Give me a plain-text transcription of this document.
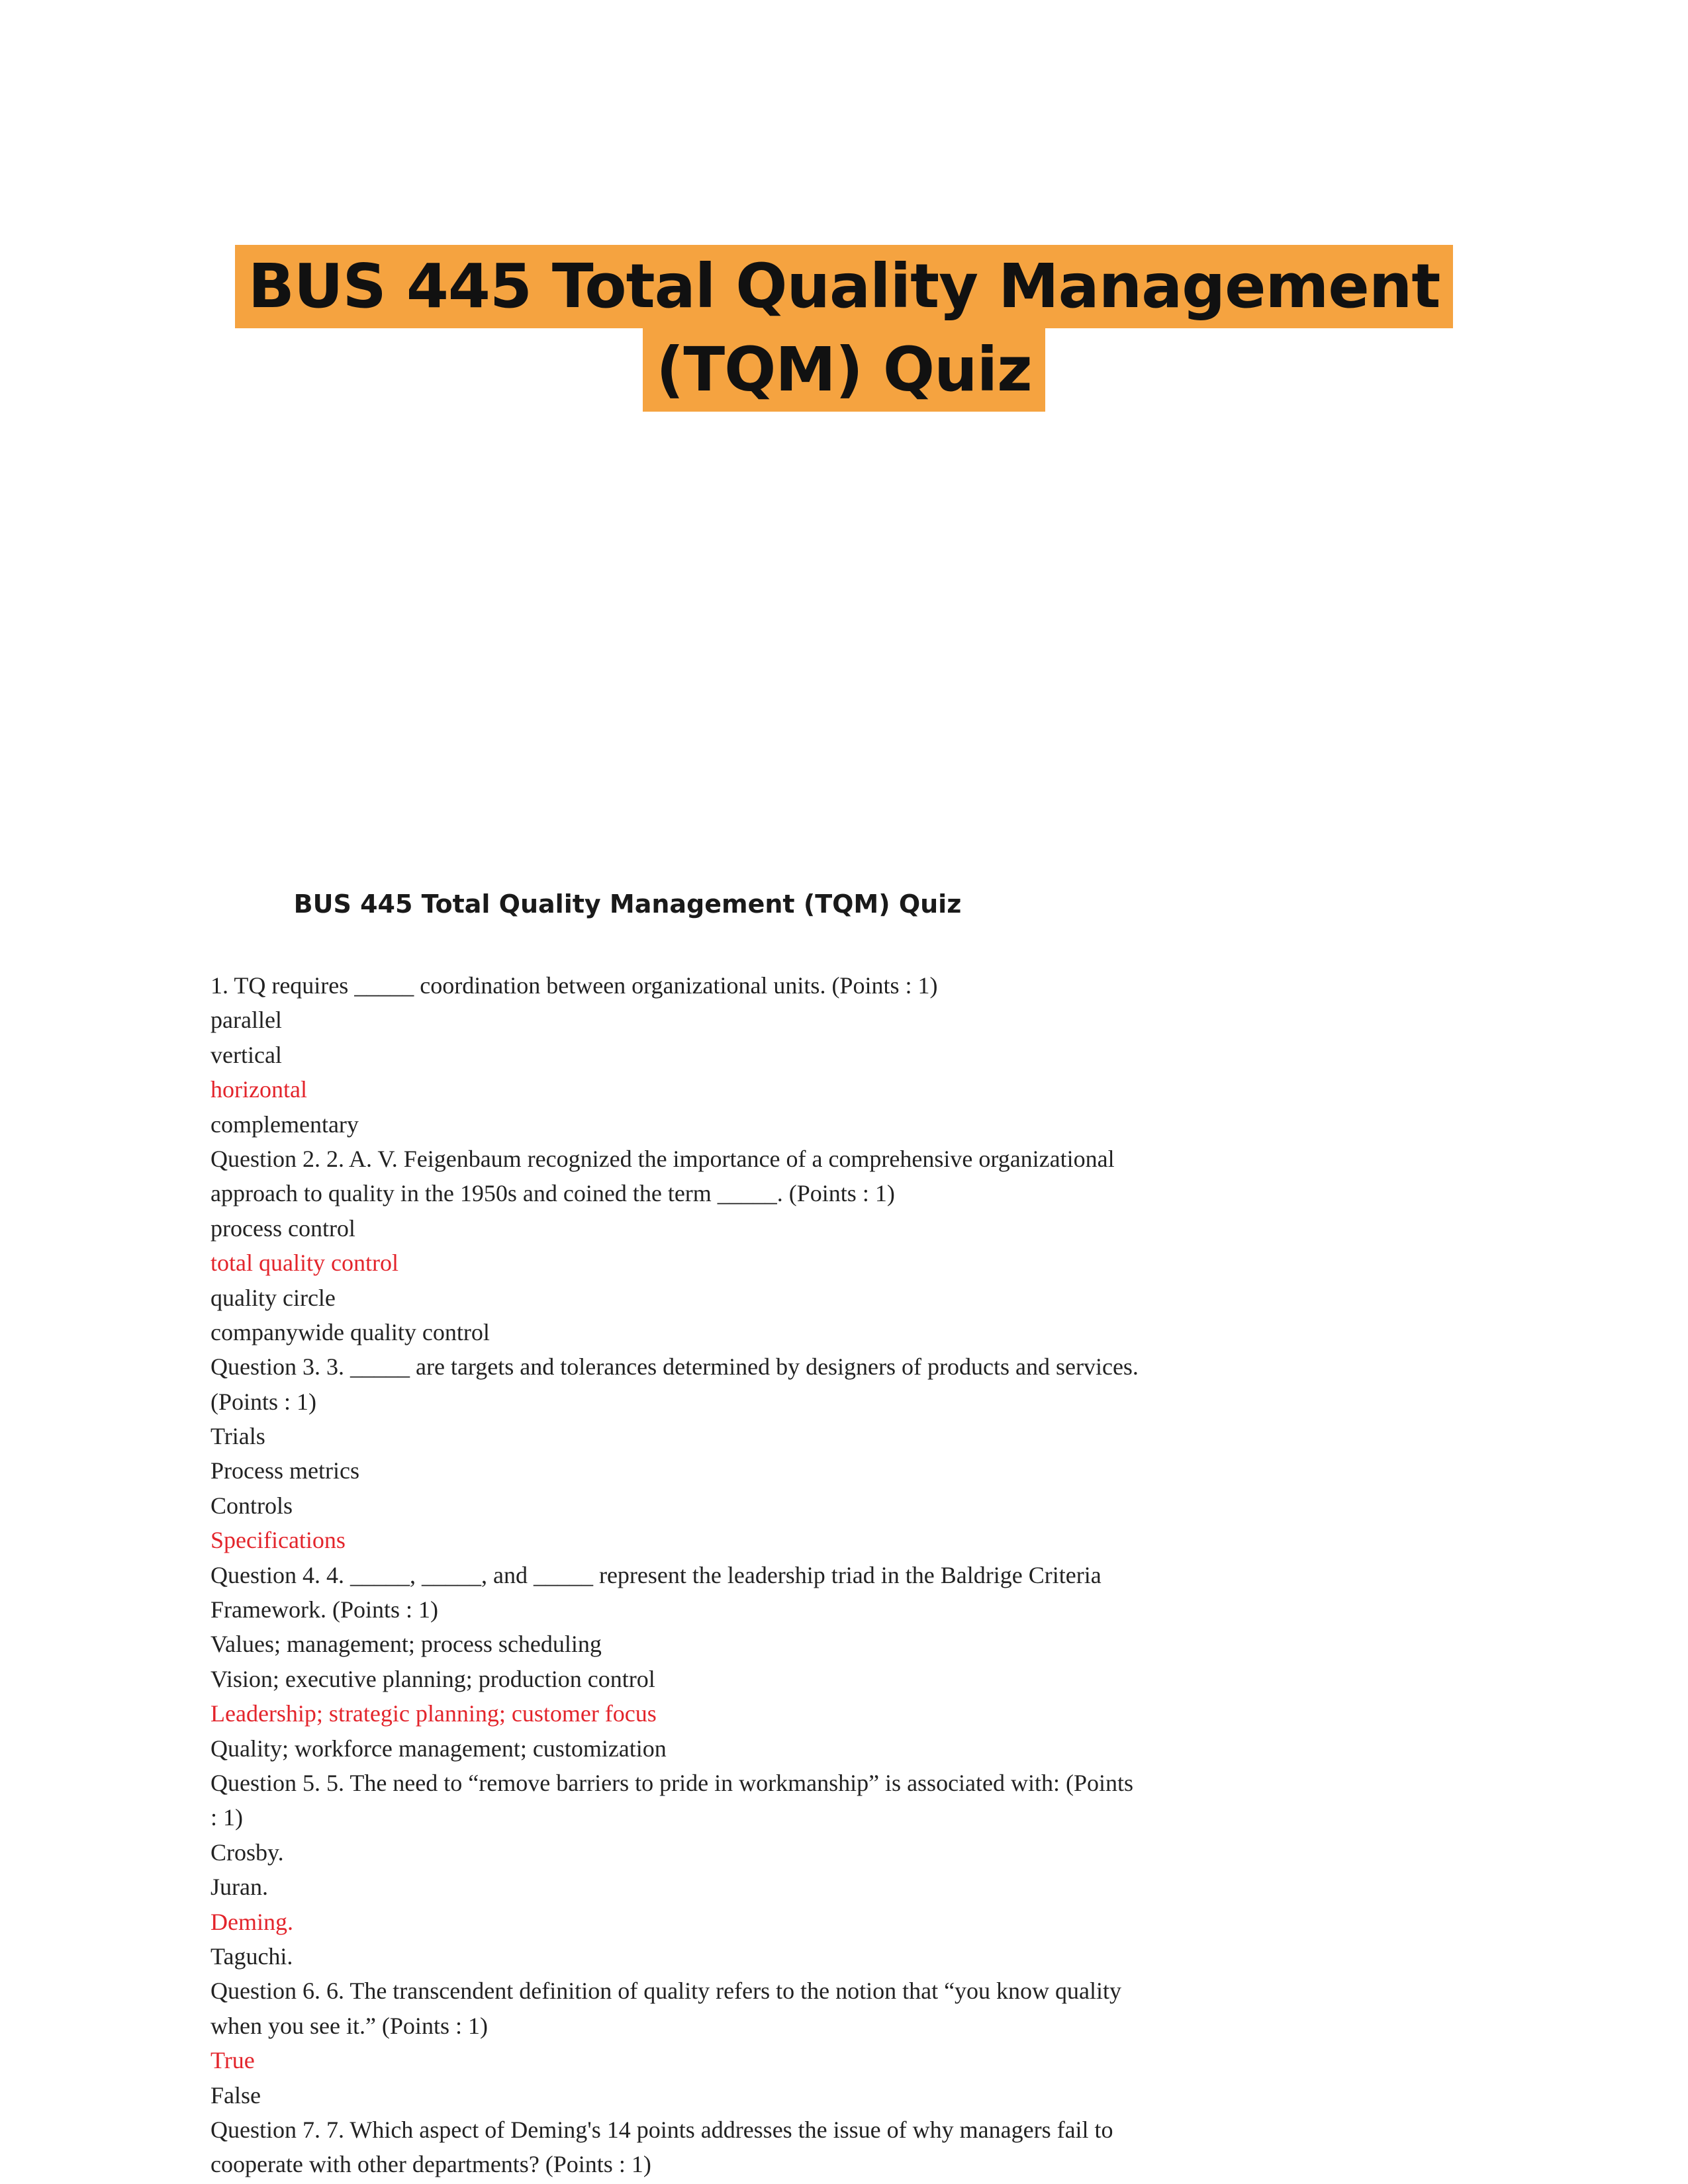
BUS 445 Total Quality Management
(TQM) Quiz
BUS 445 Total Quality Management (TQM) Quiz
1. TQ requires _____ coordination between organizational units. (Points : 1)
parallel
vertical
horizontal
complementary
Question 2. 2. A. V. Feigenbaum recognized the importance of a comprehensive organizational
approach to quality in the 1950s and coined the term _____. (Points : 1)
process control
total quality control
quality circle
companywide quality control
Question 3. 3. _____ are targets and tolerances determined by designers of products and services.
(Points : 1)
Trials
Process metrics
Controls
Specifications
Question 4. 4. _____, _____, and _____ represent the leadership triad in the Baldrige Criteria
Framework. (Points : 1)
Values; management; process scheduling
Vision; executive planning; production control
Leadership; strategic planning; customer focus
Quality; workforce management; customization
Question 5. 5. The need to “remove barriers to pride in workmanship” is associated with: (Points
: 1)
Crosby.
Juran.
Deming.
Taguchi.
Question 6. 6. The transcendent definition of quality refers to the notion that “you know quality
when you see it.” (Points : 1)
True
False
Question 7. 7. Which aspect of Deming's 14 points addresses the issue of why managers fail to
cooperate with other departments? (Points : 1)
